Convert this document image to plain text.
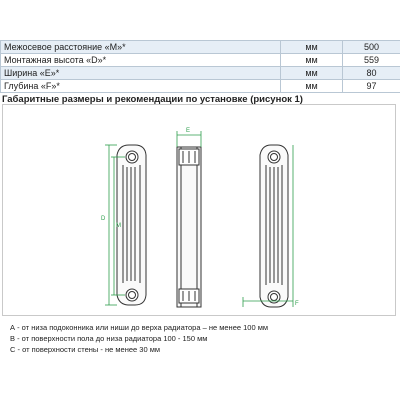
Межосевое расстояние «М»*	мм	500
Монтажная высота «D»*	мм	559
Ширина «E»*	мм	80
Глубина «F»*	мм	97
Габаритные размеры и рекомендации по установке (рисунок 1)
D
M
E
F
А - от низа подоконника или ниши до верха радиатора – не менее 100 мм
В - от поверхности пола до низа радиатора 100 - 150 мм
С - от поверхности стены - не менее 30 мм
